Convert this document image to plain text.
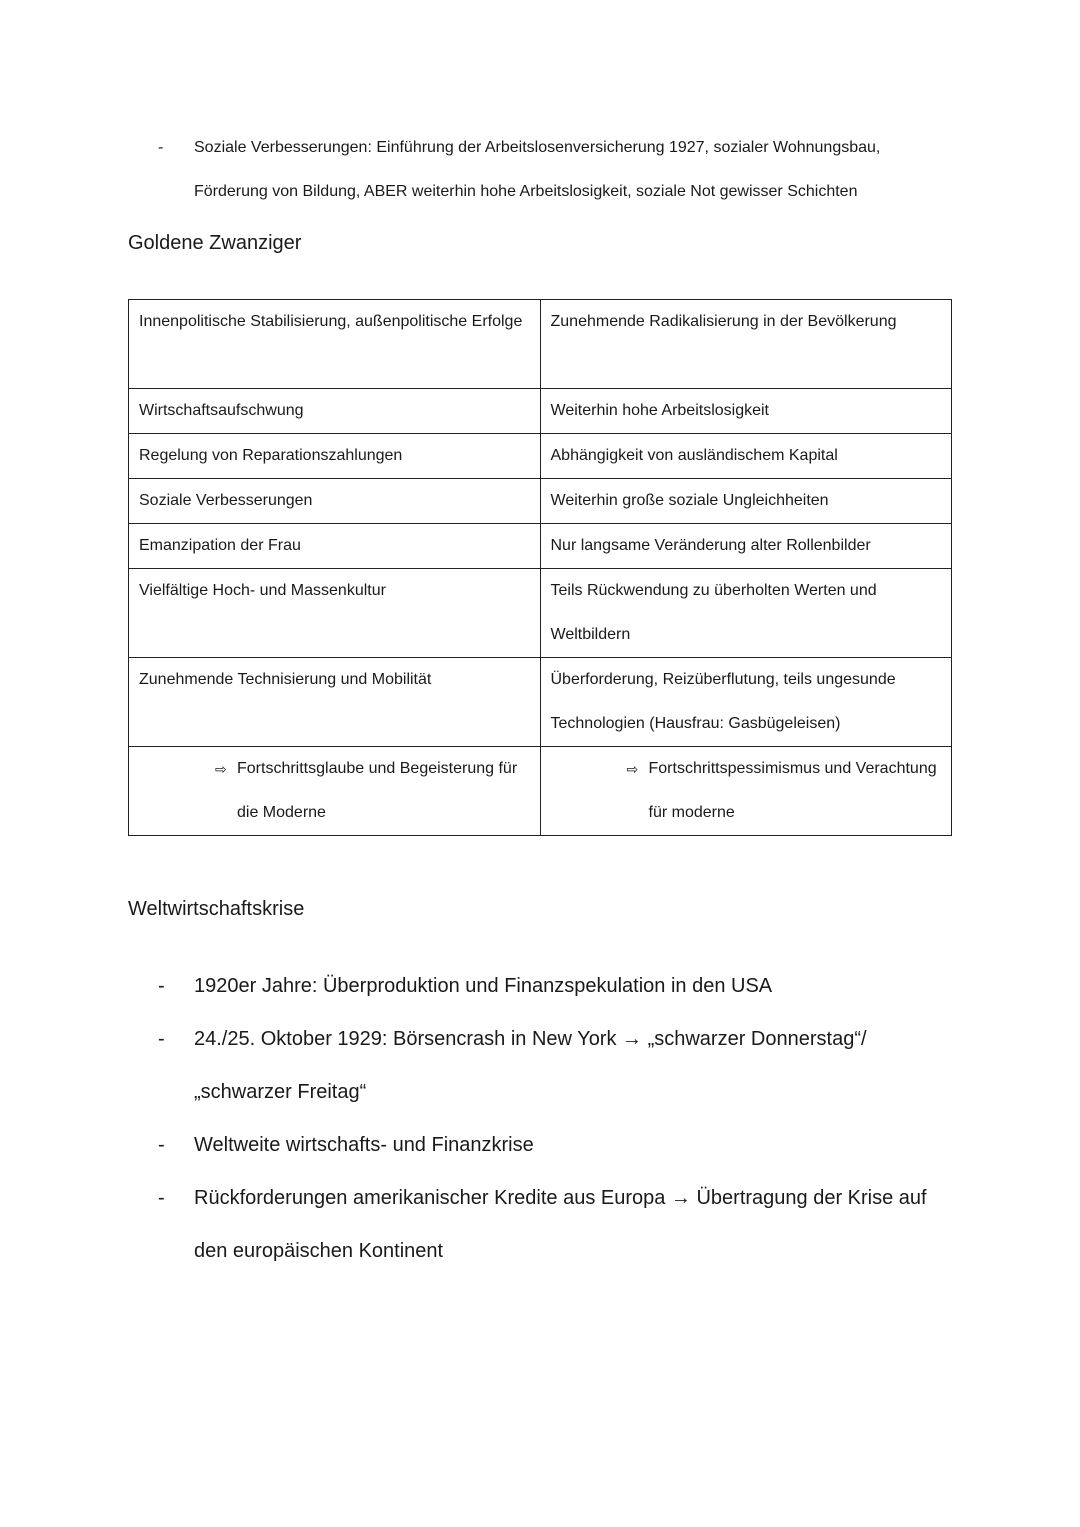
- Soziale Verbesserungen: Einführung der Arbeitslosenversicherung 1927, sozialer Wohnungsbau, Förderung von Bildung, ABER weiterhin hohe Arbeitslosigkeit, soziale Not gewisser Schichten
Goldene Zwanziger
Innenpolitische Stabilisierung, außenpolitische Erfolge	Zunehmende Radikalisierung in der Bevölkerung
Wirtschaftsaufschwung	Weiterhin hohe Arbeitslosigkeit
Regelung von Reparationszahlungen	Abhängigkeit von ausländischem Kapital
Soziale Verbesserungen	Weiterhin große soziale Ungleichheiten
Emanzipation der Frau	Nur langsame Veränderung alter Rollenbilder
Vielfältige Hoch- und Massenkultur	Teils Rückwendung zu überholten Werten und Weltbildern
Zunehmende Technisierung und Mobilität	Überforderung, Reizüberflutung, teils ungesunde Technologien (Hausfrau: Gasbügeleisen)

⇨ Fortschrittsglaube und Begeisterung für die Moderne	⇨ Fortschrittspessimismus und Verachtung für moderne
Weltwirtschaftskrise
- 1920er Jahre: Überproduktion und Finanzspekulation in den USA
- 24./25. Oktober 1929: Börsencrash in New York → „schwarzer Donnerstag“/ „schwarzer Freitag“
- Weltweite wirtschafts- und Finanzkrise
- Rückforderungen amerikanischer Kredite aus Europa → Übertragung der Krise auf den europäischen Kontinent
